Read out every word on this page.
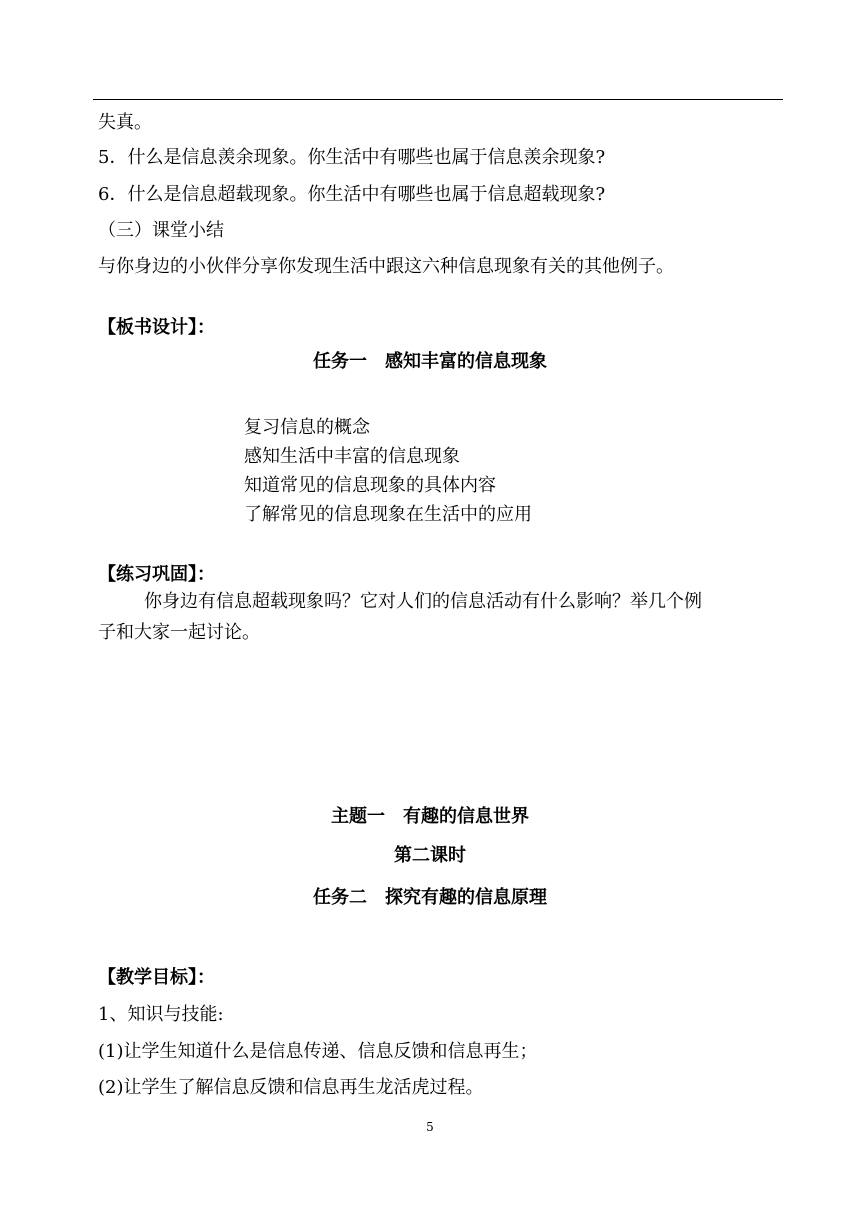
失真。
5．什么是信息羡余现象。你生活中有哪些也属于信息羡余现象?
6．什么是信息超载现象。你生活中有哪些也属于信息超载现象?
（三）课堂小结
与你身边的小伙伴分享你发现生活中跟这六种信息现象有关的其他例子。
【板书设计】：
任务一　感知丰富的信息现象
复习信息的概念
感知生活中丰富的信息现象
知道常见的信息现象的具体内容
了解常见的信息现象在生活中的应用
【练习巩固】：
你身边有信息超载现象吗？它对人们的信息活动有什么影响？举几个例
子和大家一起讨论。
主题一　有趣的信息世界
第二课时
任务二　探究有趣的信息原理
【教学目标】：
1、知识与技能:
(1)让学生知道什么是信息传递、信息反馈和信息再生；
(2)让学生了解信息反馈和信息再生龙活虎过程。
5
